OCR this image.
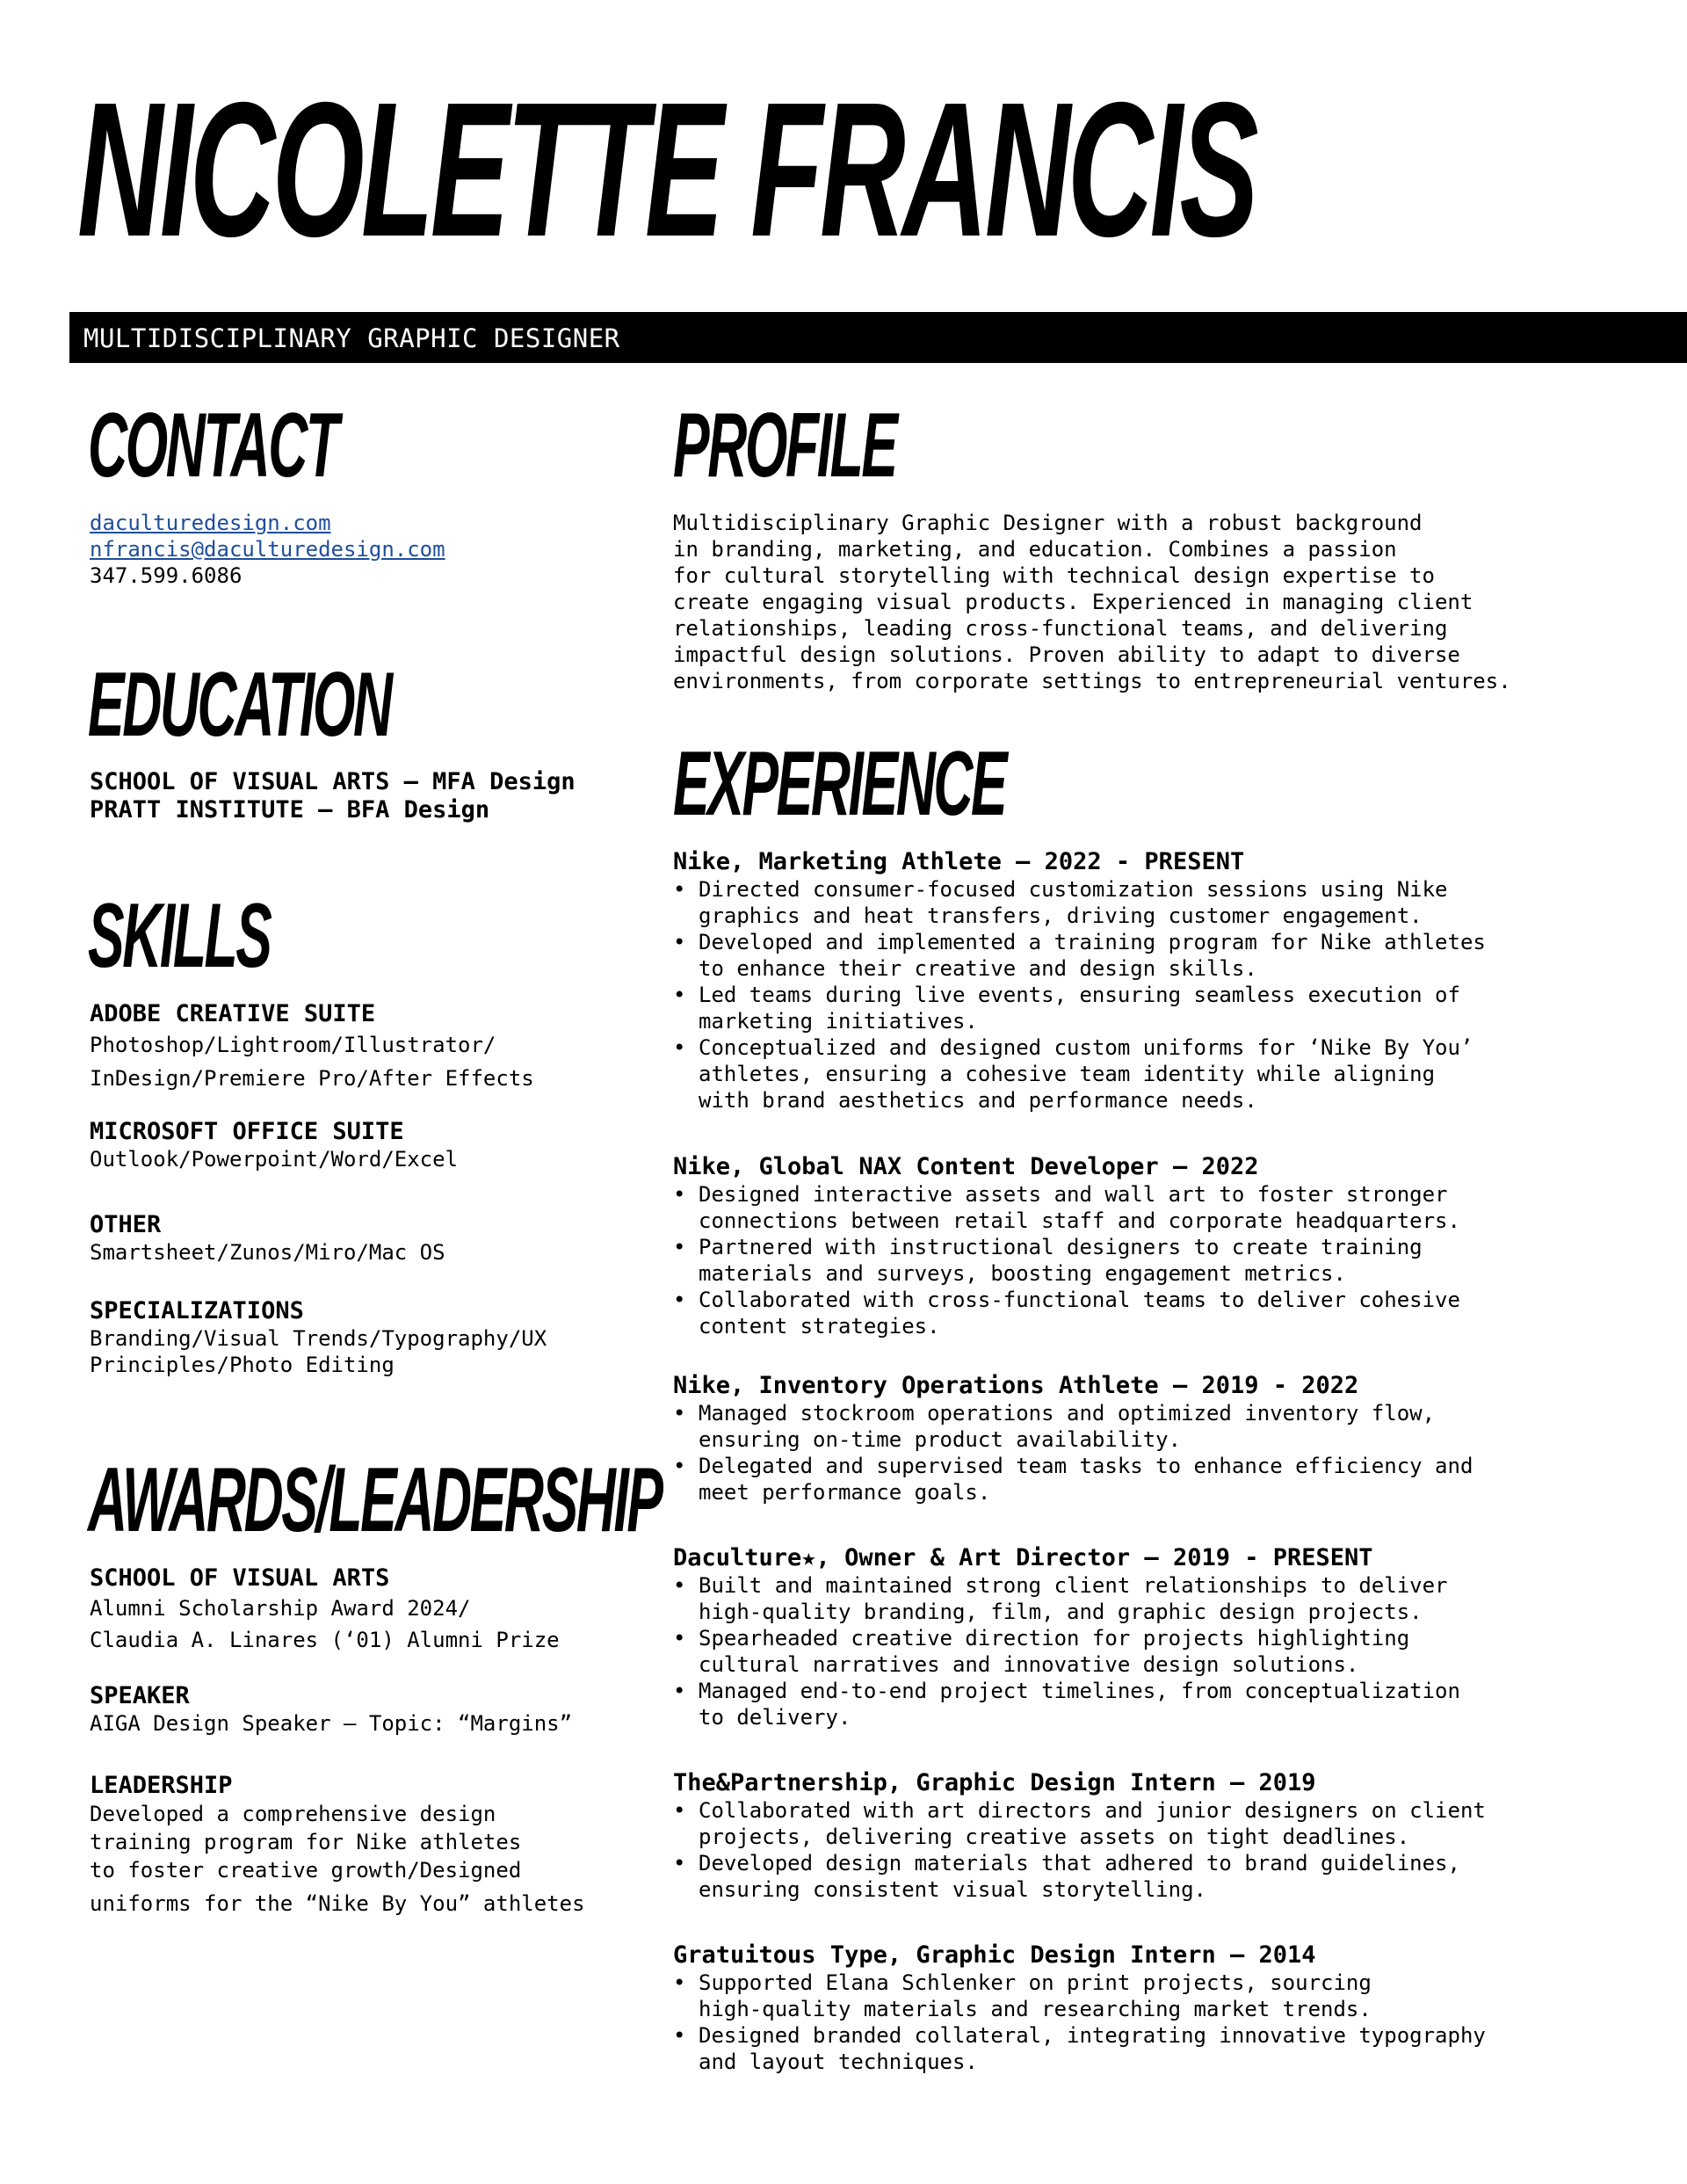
NICOLETTE FRANCIS
MULTIDISCIPLINARY GRAPHIC DESIGNER
CONTACT
daculturedesign.com
nfrancis@daculturedesign.com
347.599.6086
EDUCATION
SCHOOL OF VISUAL ARTS – MFA Design
PRATT INSTITUTE – BFA Design
SKILLS
ADOBE CREATIVE SUITE
Photoshop/Lightroom/Illustrator/
InDesign/Premiere Pro/After Effects
MICROSOFT OFFICE SUITE
Outlook/Powerpoint/Word/Excel
OTHER
Smartsheet/Zunos/Miro/Mac OS
SPECIALIZATIONS
Branding/Visual Trends/Typography/UX
Principles/Photo Editing
AWARDS/LEADERSHIP
SCHOOL OF VISUAL ARTS
Alumni Scholarship Award 2024/
Claudia A. Linares (‘01) Alumni Prize
SPEAKER
AIGA Design Speaker – Topic: “Margins”
LEADERSHIP
Developed a comprehensive design
training program for Nike athletes
to foster creative growth/Designed
uniforms for the “Nike By You” athletes
PROFILE
Multidisciplinary Graphic Designer with a robust background
in branding, marketing, and education. Combines a passion
for cultural storytelling with technical design expertise to
create engaging visual products. Experienced in managing client
relationships, leading cross-functional teams, and delivering
impactful design solutions. Proven ability to adapt to diverse
environments, from corporate settings to entrepreneurial ventures.
EXPERIENCE
Nike, Marketing Athlete — 2022 - PRESENT
• Directed consumer-focused customization sessions using Nike
graphics and heat transfers, driving customer engagement.
• Developed and implemented a training program for Nike athletes
to enhance their creative and design skills.
• Led teams during live events, ensuring seamless execution of
marketing initiatives.
• Conceptualized and designed custom uniforms for ‘Nike By You’
athletes, ensuring a cohesive team identity while aligning
with brand aesthetics and performance needs.
Nike, Global NAX Content Developer — 2022
• Designed interactive assets and wall art to foster stronger
connections between retail staff and corporate headquarters.
• Partnered with instructional designers to create training
materials and surveys, boosting engagement metrics.
• Collaborated with cross-functional teams to deliver cohesive
content strategies.
Nike, Inventory Operations Athlete — 2019 - 2022
• Managed stockroom operations and optimized inventory flow,
ensuring on-time product availability.
• Delegated and supervised team tasks to enhance efficiency and
meet performance goals.
Daculture★, Owner & Art Director — 2019 - PRESENT
• Built and maintained strong client relationships to deliver
high-quality branding, film, and graphic design projects.
• Spearheaded creative direction for projects highlighting
cultural narratives and innovative design solutions.
• Managed end-to-end project timelines, from conceptualization
to delivery.
The&Partnership, Graphic Design Intern — 2019
• Collaborated with art directors and junior designers on client
projects, delivering creative assets on tight deadlines.
• Developed design materials that adhered to brand guidelines,
ensuring consistent visual storytelling.
Gratuitous Type, Graphic Design Intern — 2014
• Supported Elana Schlenker on print projects, sourcing
high-quality materials and researching market trends.
• Designed branded collateral, integrating innovative typography
and layout techniques.
